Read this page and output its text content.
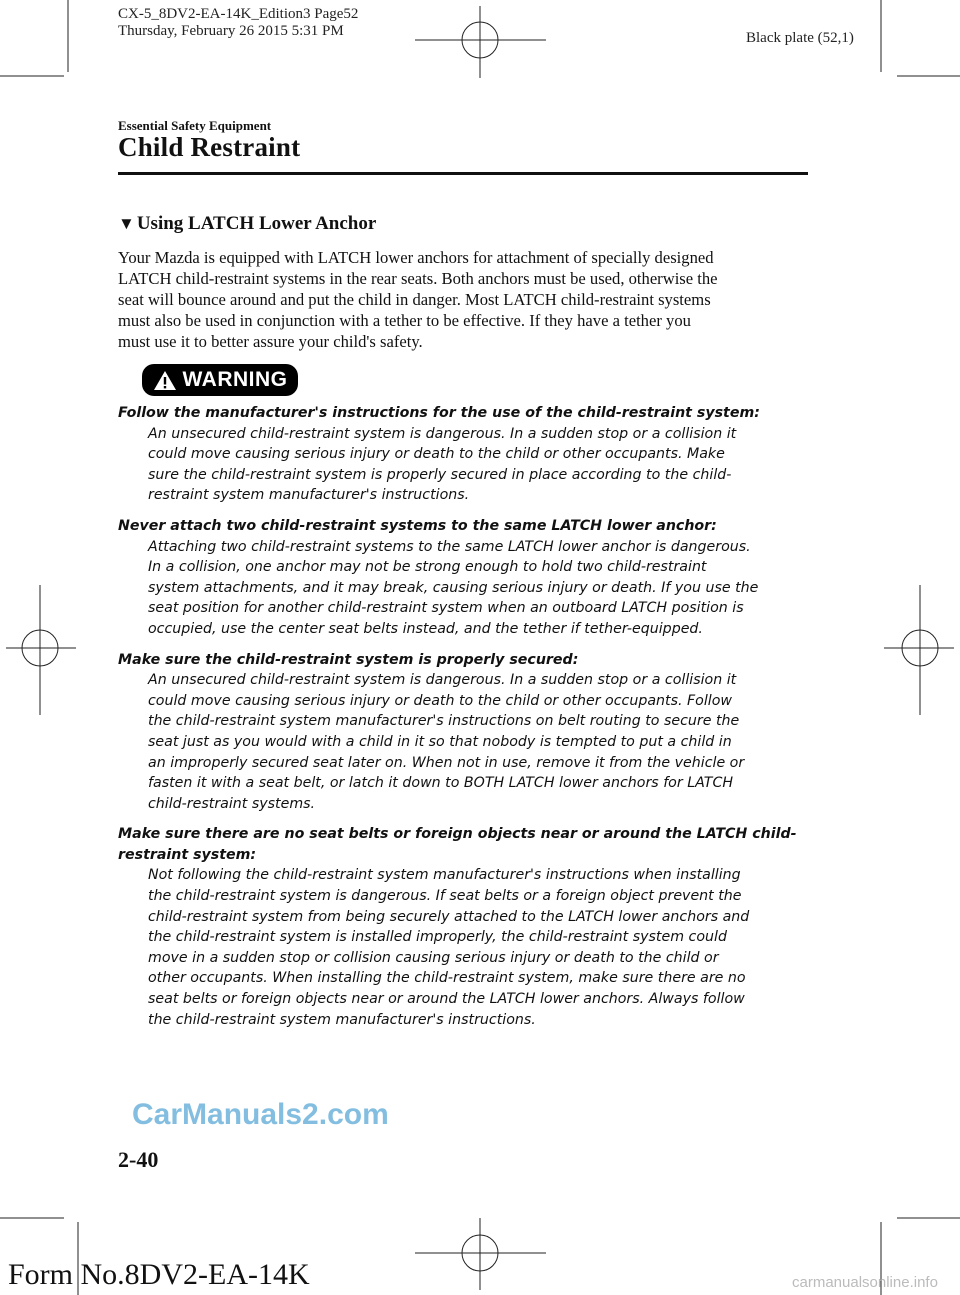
CX-5_8DV2-EA-14K_Edition3 Page52
Thursday, February 26 2015 5:31 PM	Black plate (52,1)
Essential Safety Equipment
Child Restraint
▼ Using LATCH Lower Anchor
Your Mazda is equipped with LATCH lower anchors for attachment of specially designed
LATCH child-restraint systems in the rear seats. Both anchors must be used, otherwise the
seat will bounce around and put the child in danger. Most LATCH child-restraint systems
must also be used in conjunction with a tether to be effective. If they have a tether you
must use it to better assure your child's safety.
WARNING
Follow the manufacturer's instructions for the use of the child-restraint system:
An unsecured child-restraint system is dangerous. In a sudden stop or a collision it
could move causing serious injury or death to the child or other occupants. Make
sure the child-restraint system is properly secured in place according to the child-
restraint system manufacturer's instructions.
Never attach two child-restraint systems to the same LATCH lower anchor:
Attaching two child-restraint systems to the same LATCH lower anchor is dangerous.
In a collision, one anchor may not be strong enough to hold two child-restraint
system attachments, and it may break, causing serious injury or death. If you use the
seat position for another child-restraint system when an outboard LATCH position is
occupied, use the center seat belts instead, and the tether if tether-equipped.
Make sure the child-restraint system is properly secured:
An unsecured child-restraint system is dangerous. In a sudden stop or a collision it
could move causing serious injury or death to the child or other occupants. Follow
the child-restraint system manufacturer's instructions on belt routing to secure the
seat just as you would with a child in it so that nobody is tempted to put a child in
an improperly secured seat later on. When not in use, remove it from the vehicle or
fasten it with a seat belt, or latch it down to BOTH LATCH lower anchors for LATCH
child-restraint systems.
Make sure there are no seat belts or foreign objects near or around the LATCH child-
restraint system:
Not following the child-restraint system manufacturer's instructions when installing
the child-restraint system is dangerous. If seat belts or a foreign object prevent the
child-restraint system from being securely attached to the LATCH lower anchors and
the child-restraint system is installed improperly, the child-restraint system could
move in a sudden stop or collision causing serious injury or death to the child or
other occupants. When installing the child-restraint system, make sure there are no
seat belts or foreign objects near or around the LATCH lower anchors. Always follow
the child-restraint system manufacturer's instructions.
CarManuals2.com
2-40
Form No.8DV2-EA-14K	carmanualsonline.info
